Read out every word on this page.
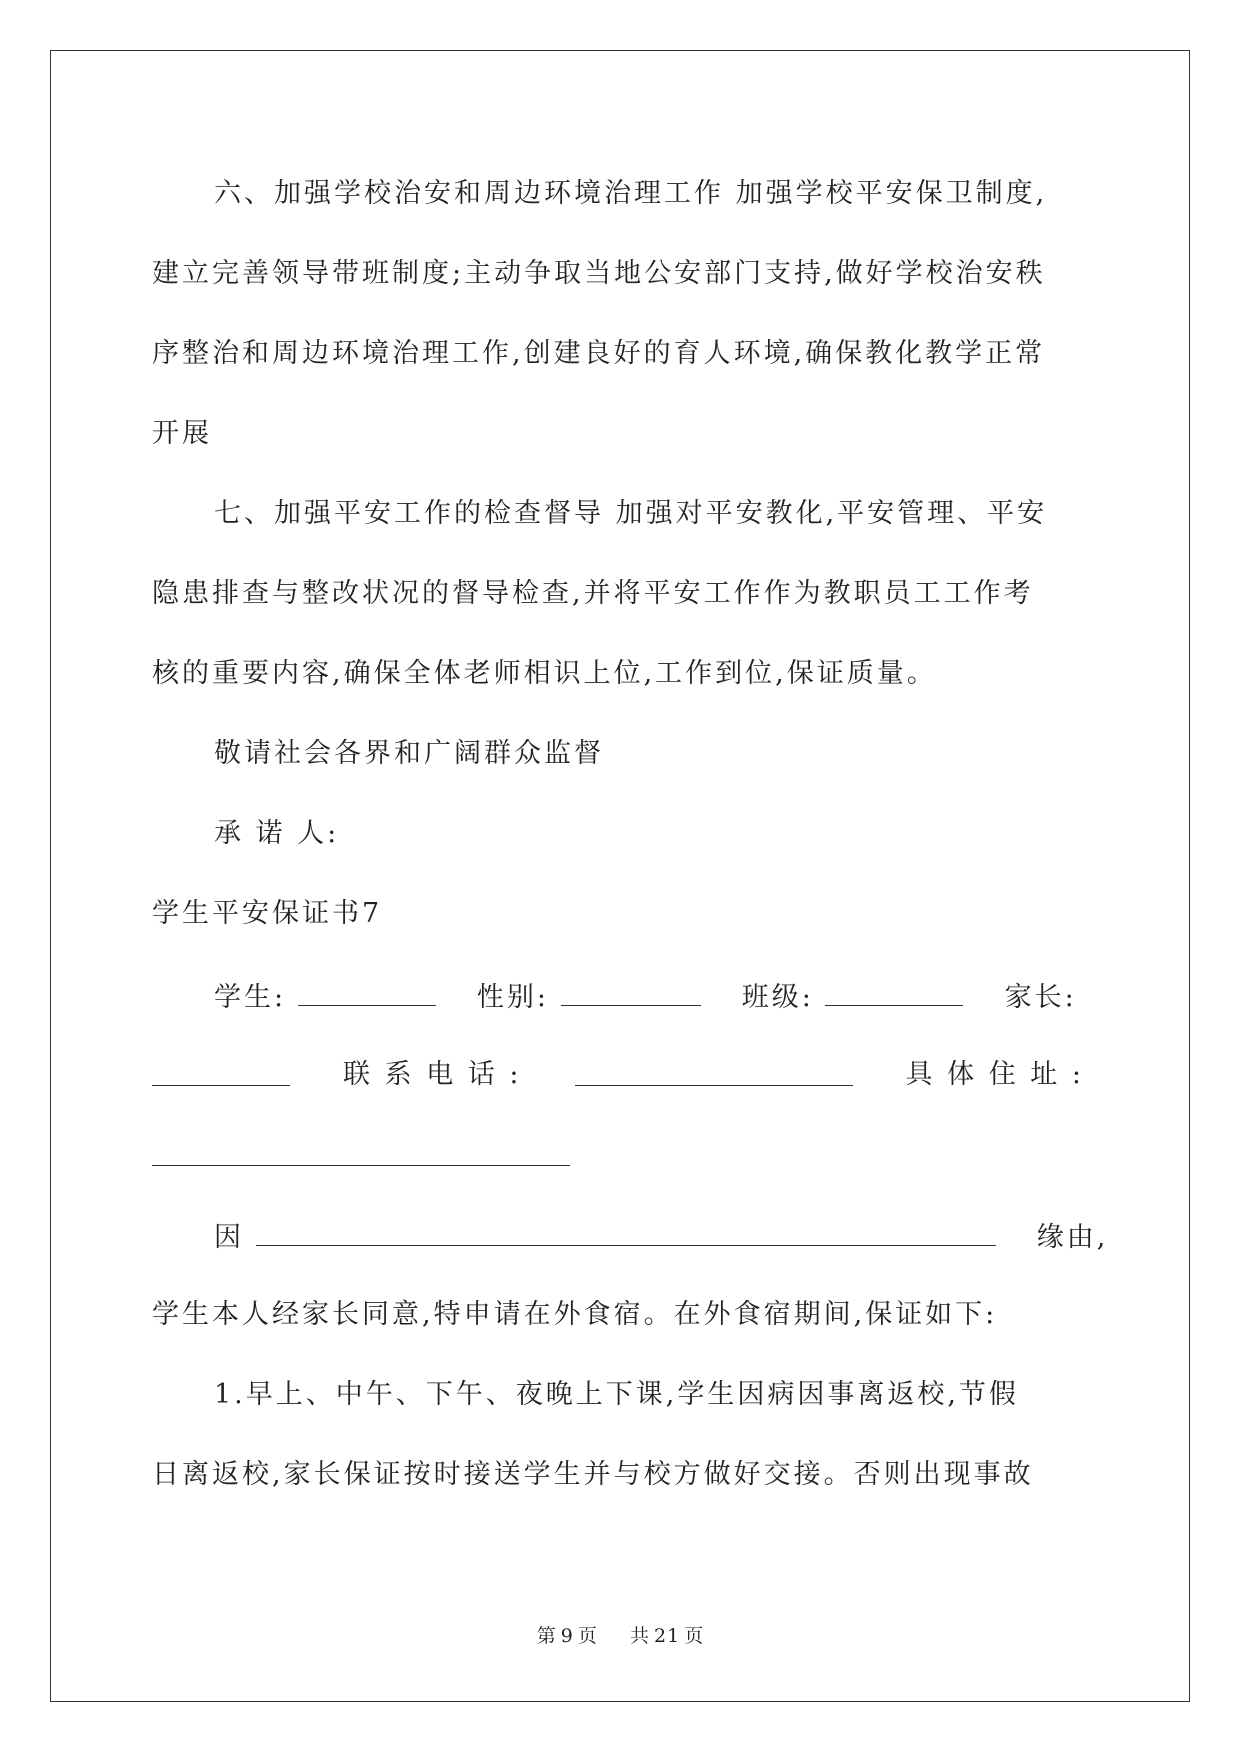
六、加强学校治安和周边环境治理工作 加强学校平安保卫制度,
建立完善领导带班制度;主动争取当地公安部门支持,做好学校治安秩
序整治和周边环境治理工作,创建良好的育人环境,确保教化教学正常
开展
七、加强平安工作的检查督导 加强对平安教化,平安管理、平安
隐患排查与整改状况的督导检查,并将平安工作作为教职员工工作考
核的重要内容,确保全体老师相识上位,工作到位,保证质量。
敬请社会各界和广阔群众监督
承 诺 人:
学生平安保证书7
学生:	性别:	班级:	家长:
联 系 电 话 :	具 体 住 址 :
因	缘由,
学生本人经家长同意,特申请在外食宿。在外食宿期间,保证如下:
1.早上、中午、下午、夜晚上下课,学生因病因事离返校,节假
日离返校,家长保证按时接送学生并与校方做好交接。否则出现事故
第 9 页 共 21 页
